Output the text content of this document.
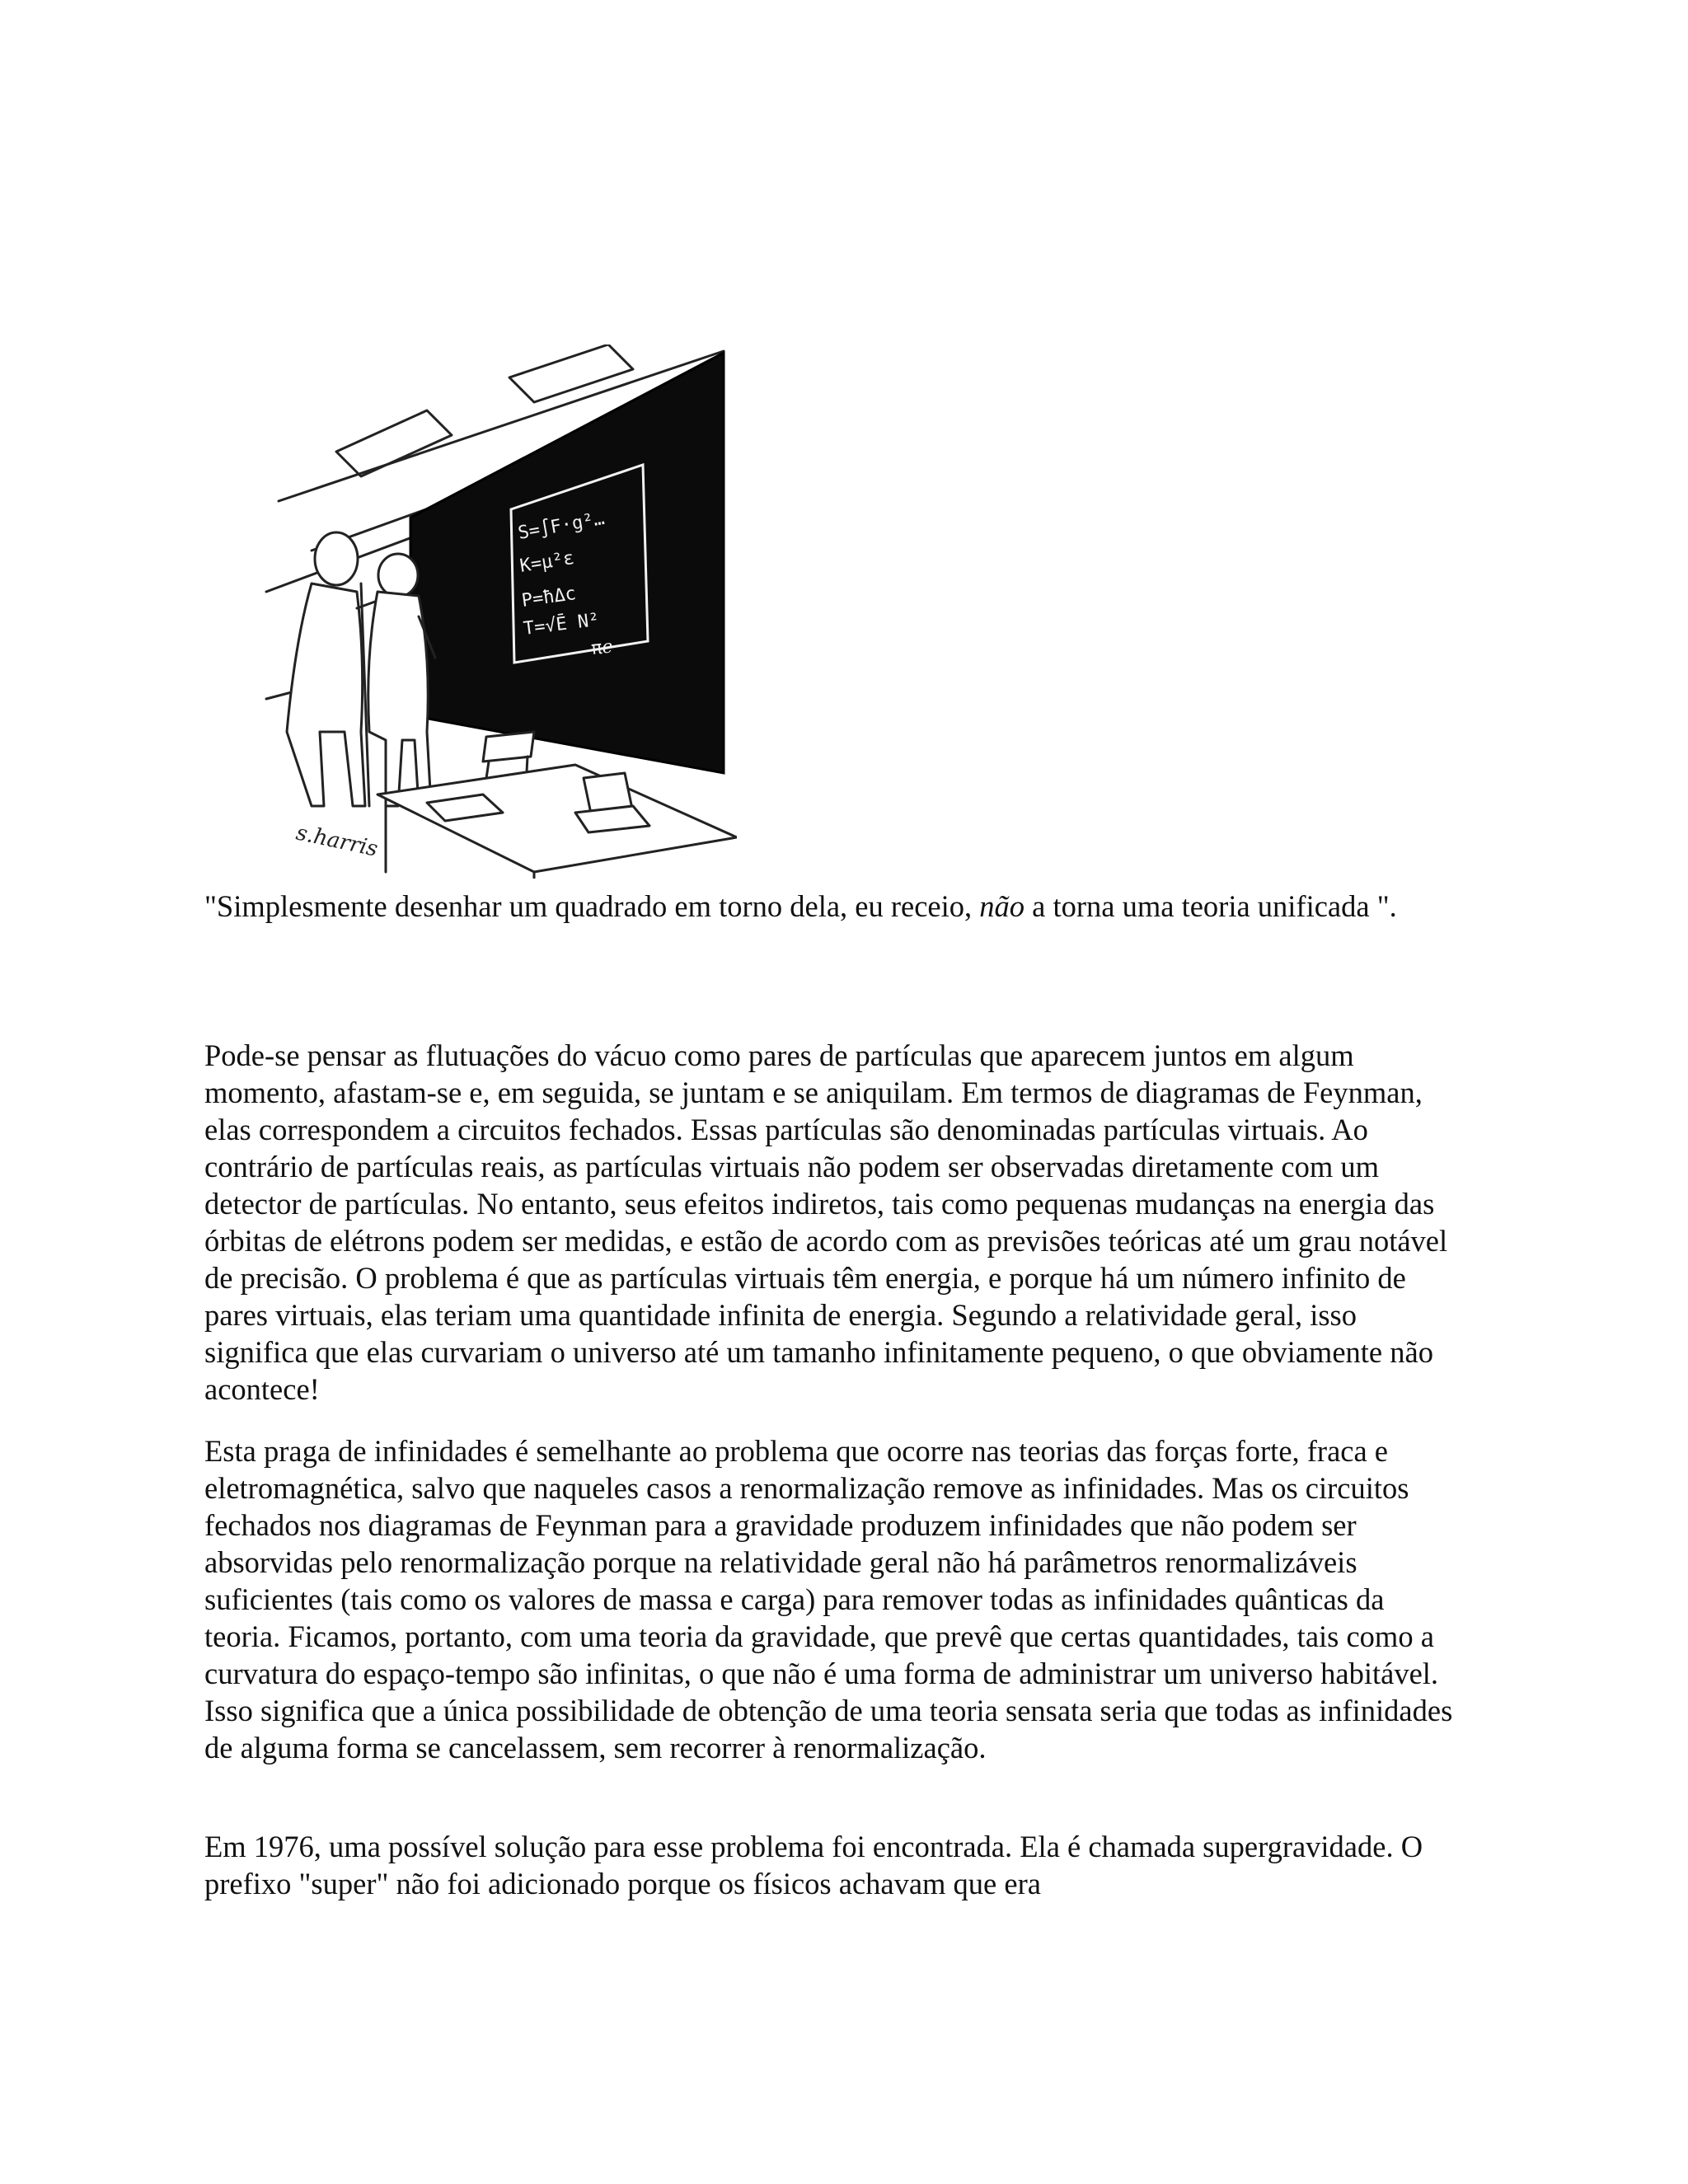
S=∫F·g²…
K=μ²ε
P=ħΔc
T=√Ē N²
πℯ
s.harris

"Simplesmente desenhar um quadrado em torno dela, eu receio, não a torna uma teoria unificada ".

Pode-se pensar as flutuações do vácuo como pares de partículas que aparecem juntos em algum momento, afastam-se e, em seguida, se juntam e se aniquilam. Em termos de diagramas de Feynman, elas correspondem a circuitos fechados. Essas partículas são denominadas partículas virtuais. Ao contrário de partículas reais, as partículas virtuais não podem ser observadas diretamente com um detector de partículas. No entanto, seus efeitos indiretos, tais como pequenas mudanças na energia das órbitas de elétrons podem ser medidas, e estão de acordo com as previsões teóricas até um grau notável de precisão. O problema é que as partículas virtuais têm energia, e porque há um número infinito de pares virtuais, elas teriam uma quantidade infinita de energia. Segundo a relatividade geral, isso significa que elas curvariam o universo até um tamanho infinitamente pequeno, o que obviamente não acontece!

Esta praga de infinidades é semelhante ao problema que ocorre nas teorias das forças forte, fraca e eletromagnética, salvo que naqueles casos a renormalização remove as infinidades. Mas os circuitos fechados nos diagramas de Feynman para a gravidade produzem infinidades que não podem ser absorvidas pelo renormalização porque na relatividade geral não há parâmetros renormalizáveis suficientes (tais como os valores de massa e carga) para remover todas as infinidades quânticas da teoria. Ficamos, portanto, com uma teoria da gravidade, que prevê que certas quantidades, tais como a curvatura do espaço-tempo são infinitas, o que não é uma forma de administrar um universo habitável. Isso significa que a única possibilidade de obtenção de uma teoria sensata seria que todas as infinidades de alguma forma se cancelassem, sem recorrer à renormalização.

Em 1976, uma possível solução para esse problema foi encontrada. Ela é chamada supergravidade. O prefixo "super" não foi adicionado porque os físicos achavam que era
